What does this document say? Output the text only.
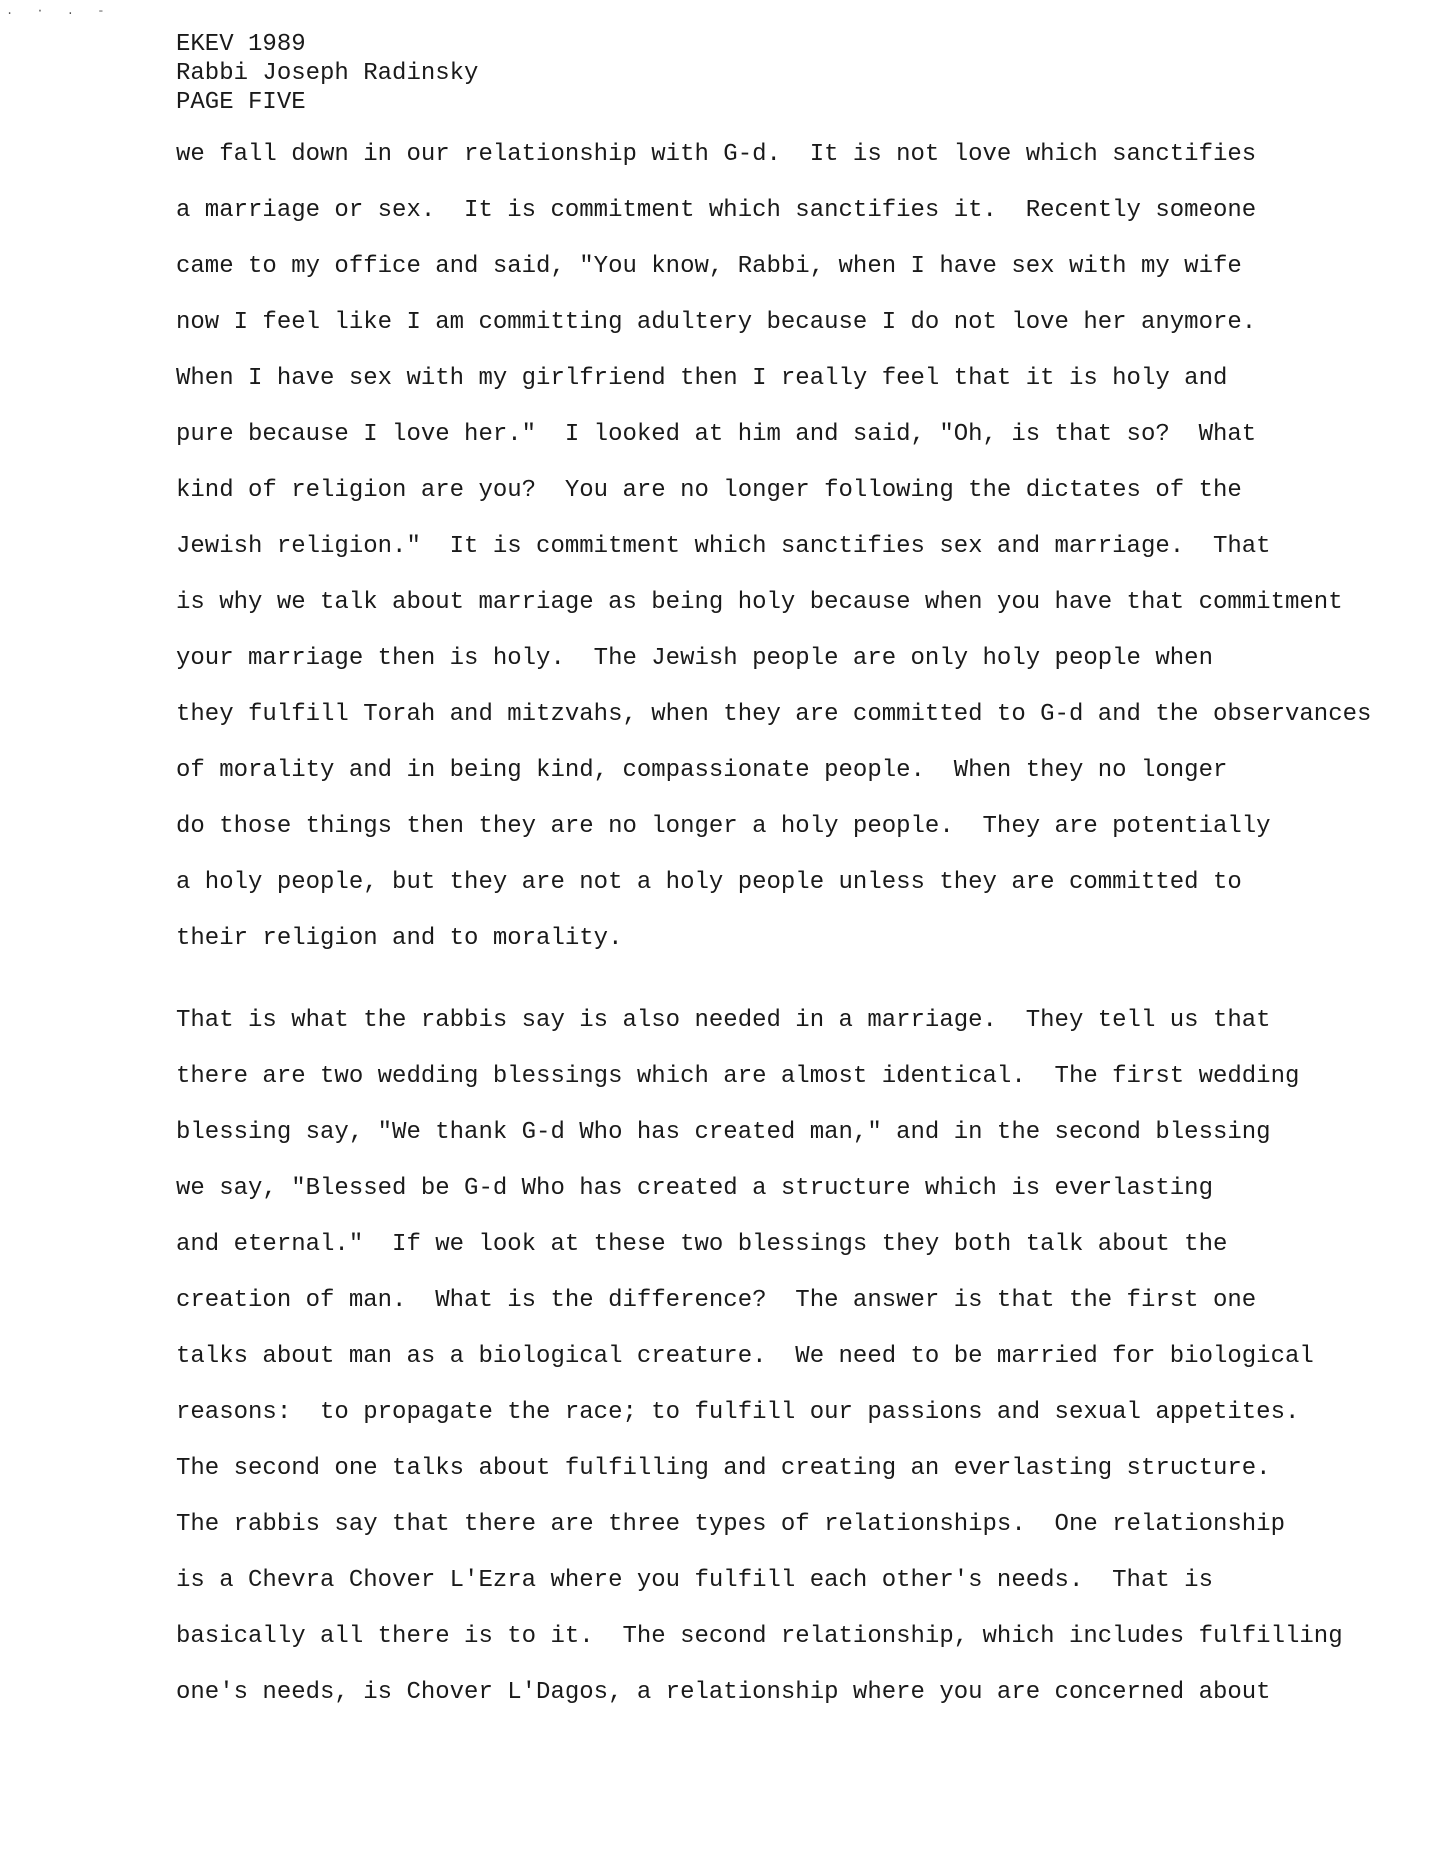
. · . -
EKEV 1989
Rabbi Joseph Radinsky
PAGE FIVE
we fall down in our relationship with G-d.  It is not love which sanctifies
a marriage or sex.  It is commitment which sanctifies it.  Recently someone
came to my office and said, "You know, Rabbi, when I have sex with my wife
now I feel like I am committing adultery because I do not love her anymore.
When I have sex with my girlfriend then I really feel that it is holy and
pure because I love her."  I looked at him and said, "Oh, is that so?  What
kind of religion are you?  You are no longer following the dictates of the
Jewish religion."  It is commitment which sanctifies sex and marriage.  That
is why we talk about marriage as being holy because when you have that commitment
your marriage then is holy.  The Jewish people are only holy people when
they fulfill Torah and mitzvahs, when they are committed to G-d and the observances
of morality and in being kind, compassionate people.  When they no longer
do those things then they are no longer a holy people.  They are potentially
a holy people, but they are not a holy people unless they are committed to
their religion and to morality.
That is what the rabbis say is also needed in a marriage.  They tell us that
there are two wedding blessings which are almost identical.  The first wedding
blessing say, "We thank G-d Who has created man," and in the second blessing
we say, "Blessed be G-d Who has created a structure which is everlasting
and eternal."  If we look at these two blessings they both talk about the
creation of man.  What is the difference?  The answer is that the first one
talks about man as a biological creature.  We need to be married for biological
reasons:  to propagate the race; to fulfill our passions and sexual appetites.
The second one talks about fulfilling and creating an everlasting structure.
The rabbis say that there are three types of relationships.  One relationship
is a Chevra Chover L'Ezra where you fulfill each other's needs.  That is
basically all there is to it.  The second relationship, which includes fulfilling
one's needs, is Chover L'Dagos, a relationship where you are concerned about
